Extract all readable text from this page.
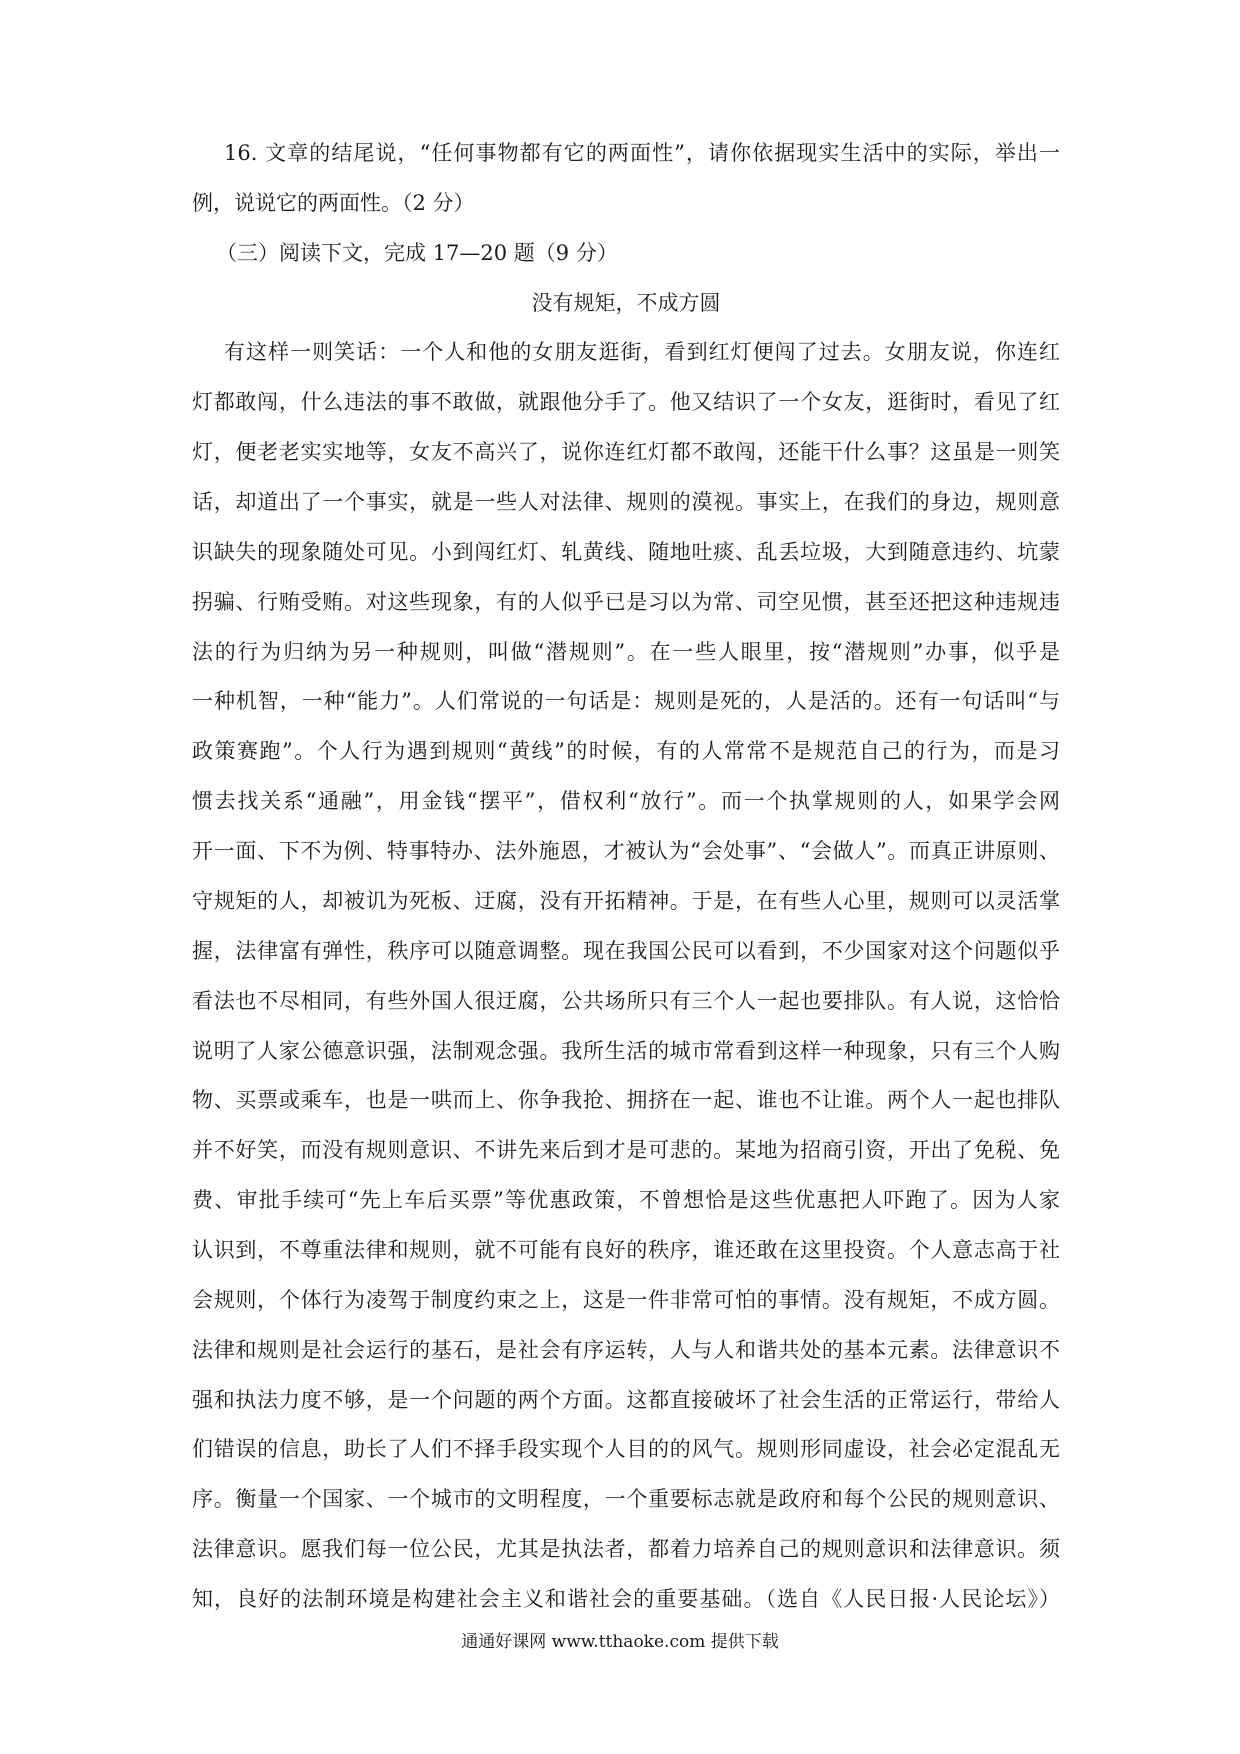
16. 文章的结尾说，“任何事物都有它的两面性”，请你依据现实生活中的实际，举出一
例，说说它的两面性。（2 分）
（三）阅读下文，完成 17—20 题（9 分）
没有规矩，不成方圆
有这样一则笑话：一个人和他的女朋友逛街，看到红灯便闯了过去。女朋友说，你连红
灯都敢闯，什么违法的事不敢做，就跟他分手了。他又结识了一个女友，逛街时，看见了红
灯，便老老实实地等，女友不高兴了，说你连红灯都不敢闯，还能干什么事？这虽是一则笑
话，却道出了一个事实，就是一些人对法律、规则的漠视。事实上，在我们的身边，规则意
识缺失的现象随处可见。小到闯红灯、轧黄线、随地吐痰、乱丢垃圾，大到随意违约、坑蒙
拐骗、行贿受贿。对这些现象，有的人似乎已是习以为常、司空见惯，甚至还把这种违规违
法的行为归纳为另一种规则，叫做“潜规则”。在一些人眼里，按“潜规则”办事，似乎是
一种机智，一种“能力”。人们常说的一句话是：规则是死的，人是活的。还有一句话叫“与
政策赛跑”。个人行为遇到规则“黄线”的时候，有的人常常不是规范自己的行为，而是习
惯去找关系“通融”，用金钱“摆平”，借权利“放行”。而一个执掌规则的人，如果学会网
开一面、下不为例、特事特办、法外施恩，才被认为“会处事”、“会做人”。而真正讲原则、
守规矩的人，却被讥为死板、迂腐，没有开拓精神。于是，在有些人心里，规则可以灵活掌
握，法律富有弹性，秩序可以随意调整。现在我国公民可以看到，不少国家对这个问题似乎
看法也不尽相同，有些外国人很迂腐，公共场所只有三个人一起也要排队。有人说，这恰恰
说明了人家公德意识强，法制观念强。我所生活的城市常看到这样一种现象，只有三个人购
物、买票或乘车，也是一哄而上、你争我抢、拥挤在一起、谁也不让谁。两个人一起也排队
并不好笑，而没有规则意识、不讲先来后到才是可悲的。某地为招商引资，开出了免税、免
费、审批手续可“先上车后买票”等优惠政策，不曾想恰是这些优惠把人吓跑了。因为人家
认识到，不尊重法律和规则，就不可能有良好的秩序，谁还敢在这里投资。个人意志高于社
会规则，个体行为凌驾于制度约束之上，这是一件非常可怕的事情。没有规矩，不成方圆。
法律和规则是社会运行的基石，是社会有序运转，人与人和谐共处的基本元素。法律意识不
强和执法力度不够，是一个问题的两个方面。这都直接破坏了社会生活的正常运行，带给人
们错误的信息，助长了人们不择手段实现个人目的的风气。规则形同虚设，社会必定混乱无
序。衡量一个国家、一个城市的文明程度，一个重要标志就是政府和每个公民的规则意识、
法律意识。愿我们每一位公民，尤其是执法者，都着力培养自己的规则意识和法律意识。须
知，良好的法制环境是构建社会主义和谐社会的重要基础。（选自《人民日报·人民论坛》）
通通好课网 www.tthaoke.com 提供下载
